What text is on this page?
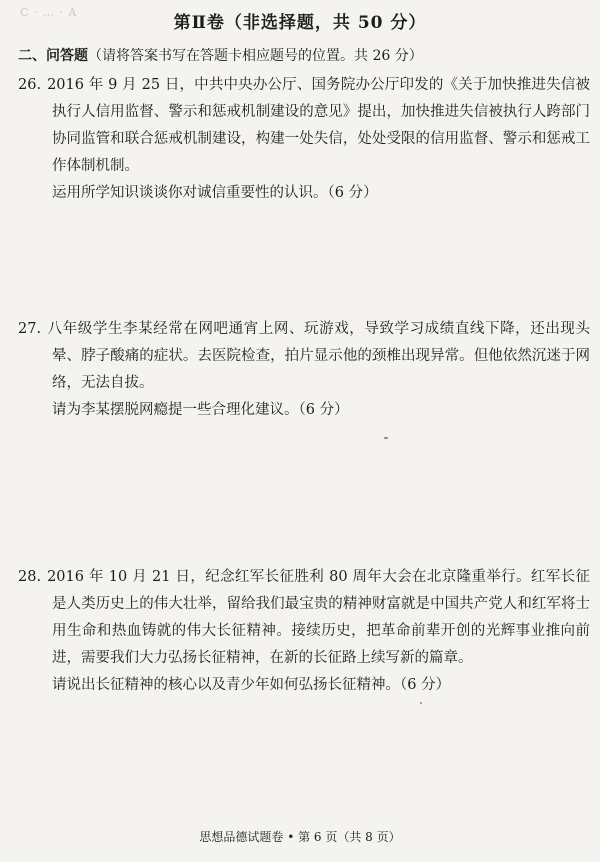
C · … · A
第Ⅱ卷（非选择题，共 50 分）
二、问答题（请将答案书写在答题卡相应题号的位置。共 26 分）
26. 2016 年 9 月 25 日，中共中央办公厅、国务院办公厅印发的《关于加快推进失信被执行人信用监督、警示和惩戒机制建设的意见》提出，加快推进失信被执行人跨部门协同监管和联合惩戒机制建设，构建一处失信，处处受限的信用监督、警示和惩戒工作体制机制。
运用所学知识谈谈你对诚信重要性的认识。（6 分）
27. 八年级学生李某经常在网吧通宵上网、玩游戏，导致学习成绩直线下降，还出现头晕、脖子酸痛的症状。去医院检查，拍片显示他的颈椎出现异常。但他依然沉迷于网络，无法自拔。
请为李某摆脱网瘾提一些合理化建议。（6 分）
28. 2016 年 10 月 21 日，纪念红军长征胜利 80 周年大会在北京隆重举行。红军长征是人类历史上的伟大壮举，留给我们最宝贵的精神财富就是中国共产党人和红军将士用生命和热血铸就的伟大长征精神。接续历史，把革命前辈开创的光辉事业推向前进，需要我们大力弘扬长征精神，在新的长征路上续写新的篇章。
请说出长征精神的核心以及青少年如何弘扬长征精神。（6 分）
思想品德试题卷 • 第 6 页（共 8 页）
